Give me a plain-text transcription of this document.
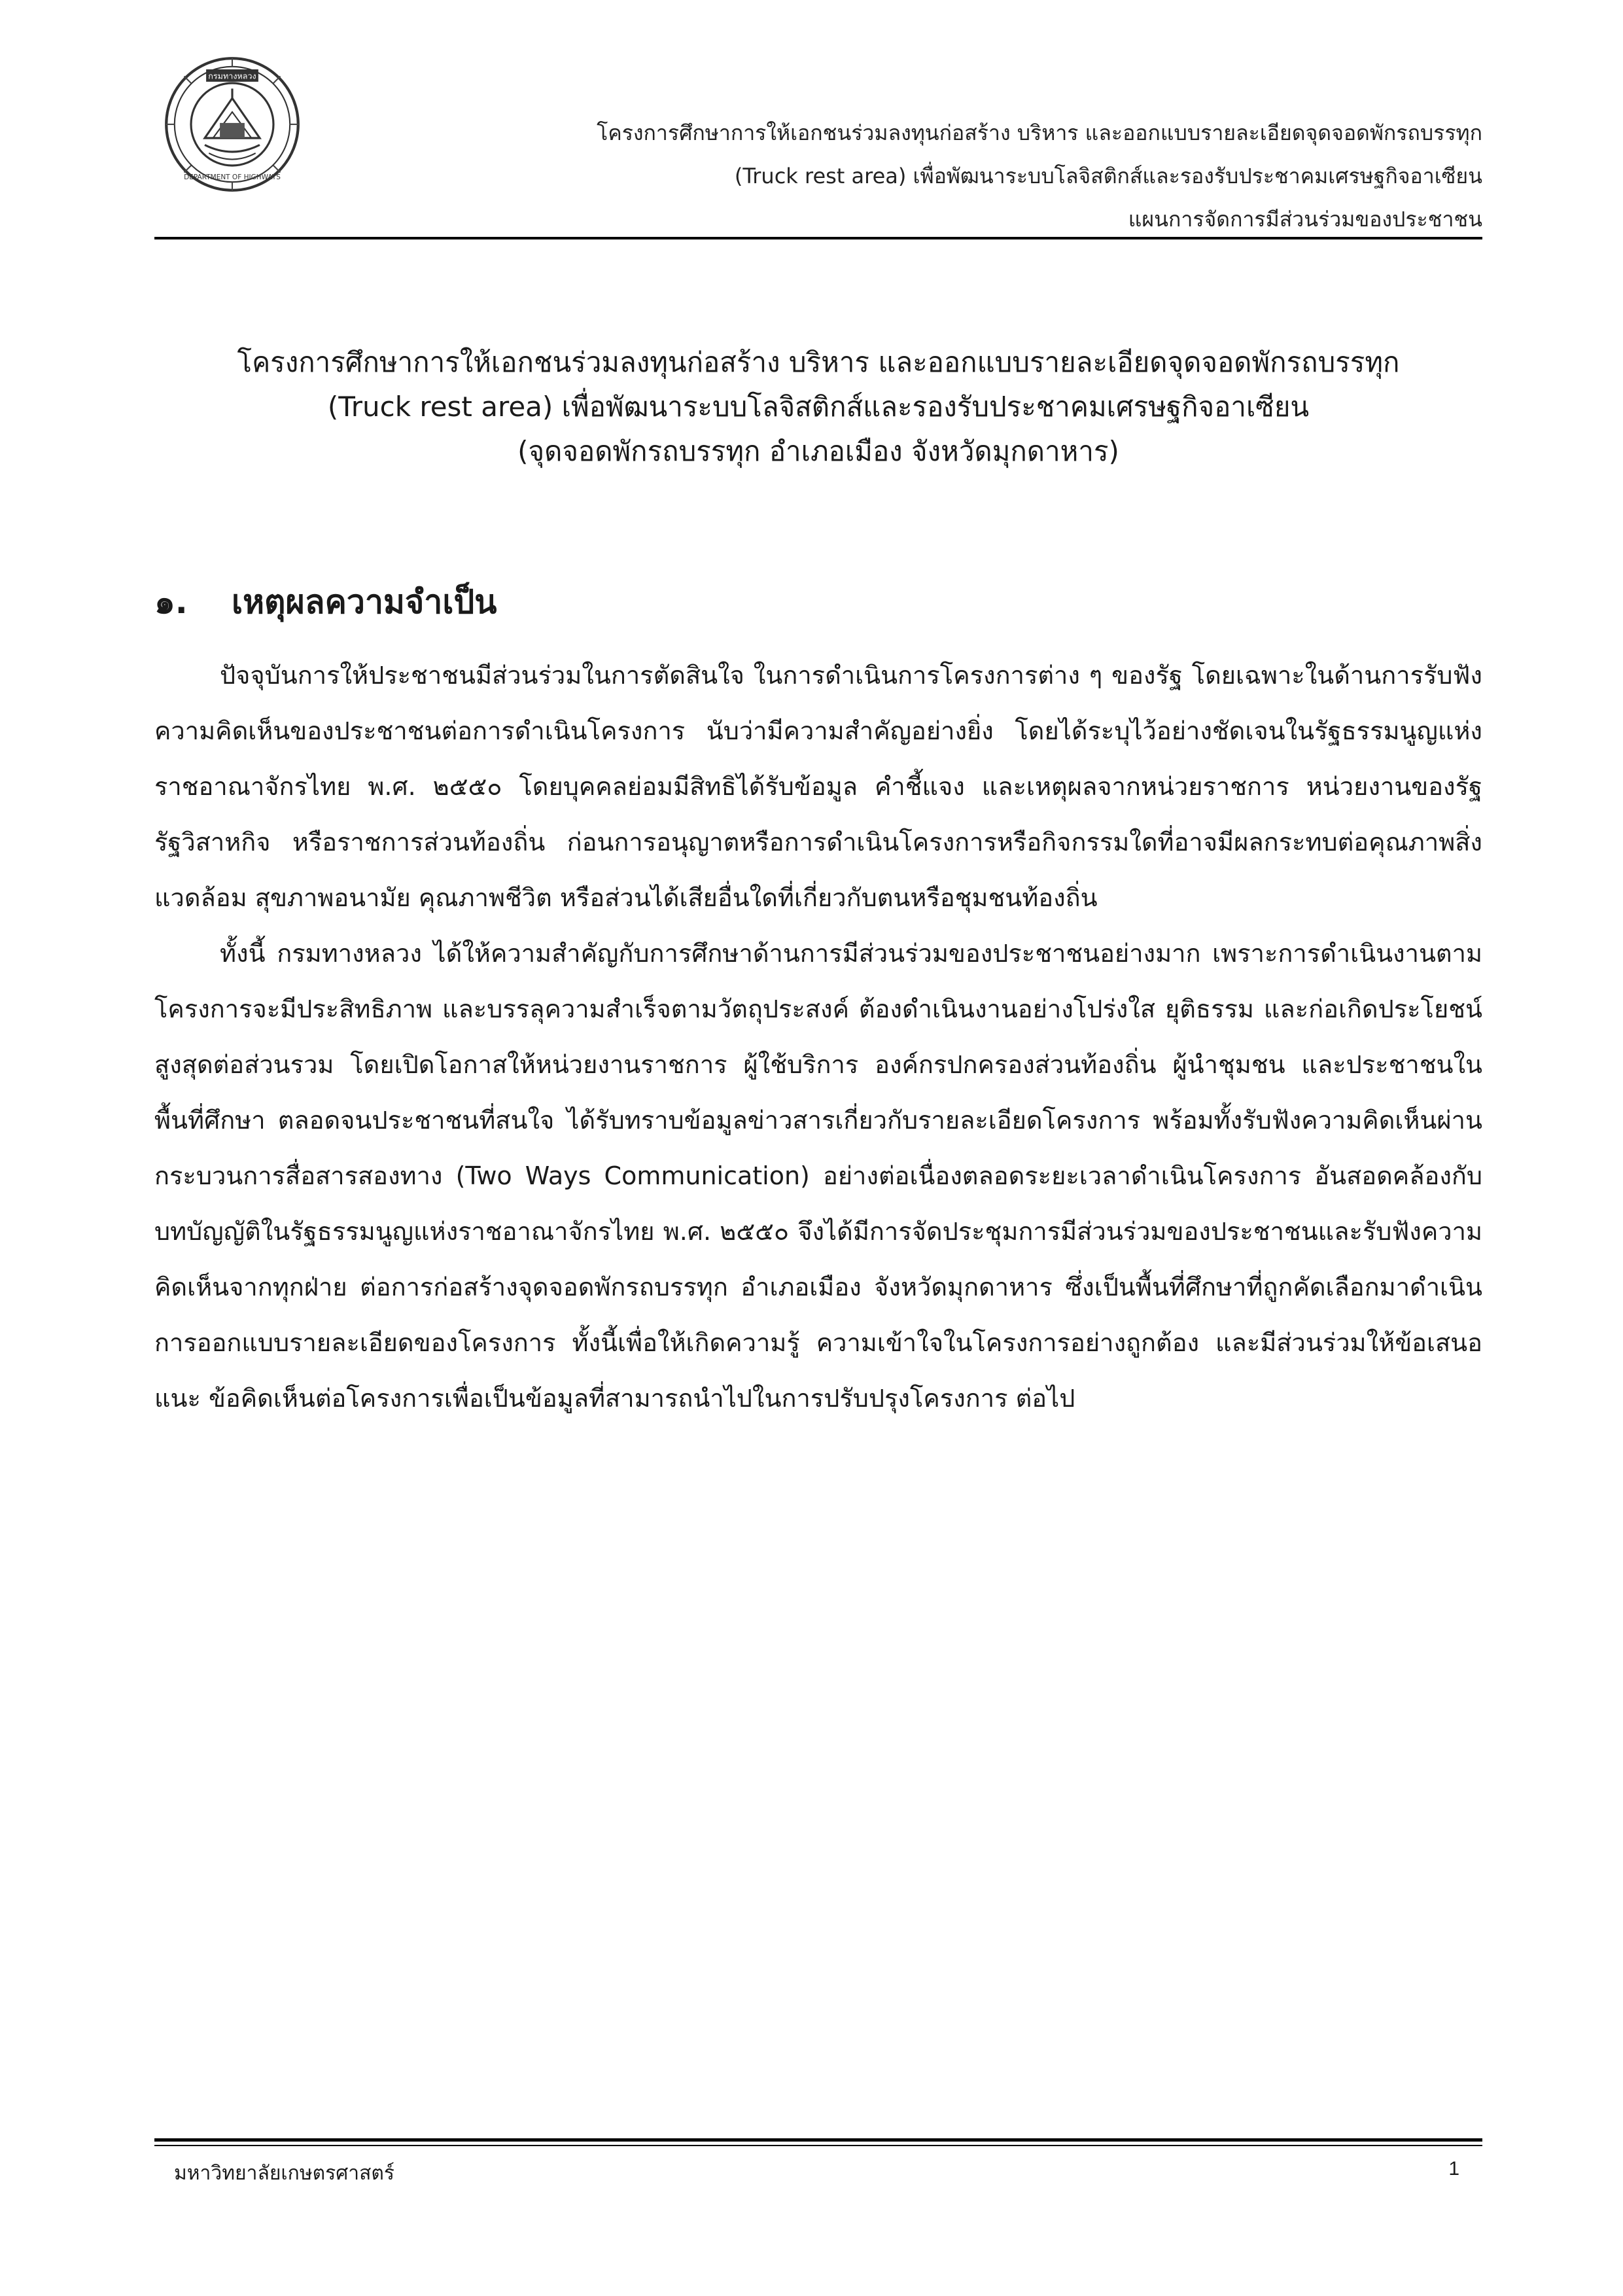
กรมทางหลวง
DEPARTMENT OF HIGHWAYS
โครงการศึกษาการให้เอกชนร่วมลงทุนก่อสร้าง บริหาร และออกแบบรายละเอียดจุดจอดพักรถบรรทุก
(Truck rest area) เพื่อพัฒนาระบบโลจิสติกส์และรองรับประชาคมเศรษฐกิจอาเซียน
แผนการจัดการมีส่วนร่วมของประชาชน
โครงการศึกษาการให้เอกชนร่วมลงทุนก่อสร้าง บริหาร และออกแบบรายละเอียดจุดจอดพักรถบรรทุก
(Truck rest area) เพื่อพัฒนาระบบโลจิสติกส์และรองรับประชาคมเศรษฐกิจอาเซียน
(จุดจอดพักรถบรรทุก อำเภอเมือง จังหวัดมุกดาหาร)
๑. เหตุผลความจำเป็น

ปัจจุบันการให้ประชาชนมีส่วนร่วมในการตัดสินใจ ในการดำเนินการโครงการต่าง ๆ ของรัฐ โดยเฉพาะในด้านการรับฟังความคิดเห็นของประชาชนต่อการดำเนินโครงการ นับว่ามีความสำคัญอย่างยิ่ง โดยได้ระบุไว้อย่างชัดเจนในรัฐธรรมนูญแห่งราชอาณาจักรไทย พ.ศ. ๒๕๕๐ โดยบุคคลย่อมมีสิทธิได้รับข้อมูล คำชี้แจง และเหตุผลจากหน่วยราชการ หน่วยงานของรัฐ รัฐวิสาหกิจ หรือราชการส่วนท้องถิ่น ก่อนการอนุญาตหรือการดำเนินโครงการหรือกิจกรรมใดที่อาจมีผลกระทบต่อคุณภาพสิ่งแวดล้อม สุขภาพอนามัย คุณภาพชีวิต หรือส่วนได้เสียอื่นใดที่เกี่ยวกับตนหรือชุมชนท้องถิ่น

ทั้งนี้ กรมทางหลวง ได้ให้ความสำคัญกับการศึกษาด้านการมีส่วนร่วมของประชาชนอย่างมาก เพราะการดำเนินงานตามโครงการจะมีประสิทธิภาพ และบรรลุความสำเร็จตามวัตถุประสงค์ ต้องดำเนินงานอย่างโปร่งใส ยุติธรรม และก่อเกิดประโยชน์สูงสุดต่อส่วนรวม โดยเปิดโอกาสให้หน่วยงานราชการ ผู้ใช้บริการ องค์กรปกครองส่วนท้องถิ่น ผู้นำชุมชน และประชาชนในพื้นที่ศึกษา ตลอดจนประชาชนที่สนใจ ได้รับทราบข้อมูลข่าวสารเกี่ยวกับรายละเอียดโครงการ พร้อมทั้งรับฟังความคิดเห็นผ่านกระบวนการสื่อสารสองทาง (Two Ways Communication) อย่างต่อเนื่องตลอดระยะเวลาดำเนินโครงการ อันสอดคล้องกับบทบัญญัติในรัฐธรรมนูญแห่งราชอาณาจักรไทย พ.ศ. ๒๕๕๐ จึงได้มีการจัดประชุมการมีส่วนร่วมของประชาชนและรับฟังความคิดเห็นจากทุกฝ่าย ต่อการก่อสร้างจุดจอดพักรถบรรทุก อำเภอเมือง จังหวัดมุกดาหาร ซึ่งเป็นพื้นที่ศึกษาที่ถูกคัดเลือกมาดำเนินการออกแบบรายละเอียดของโครงการ ทั้งนี้เพื่อให้เกิดความรู้ ความเข้าใจในโครงการอย่างถูกต้อง และมีส่วนร่วมให้ข้อเสนอแนะ ข้อคิดเห็นต่อโครงการเพื่อเป็นข้อมูลที่สามารถนำไปในการปรับปรุงโครงการ ต่อไป

มหาวิทยาลัยเกษตรศาสตร์	1
